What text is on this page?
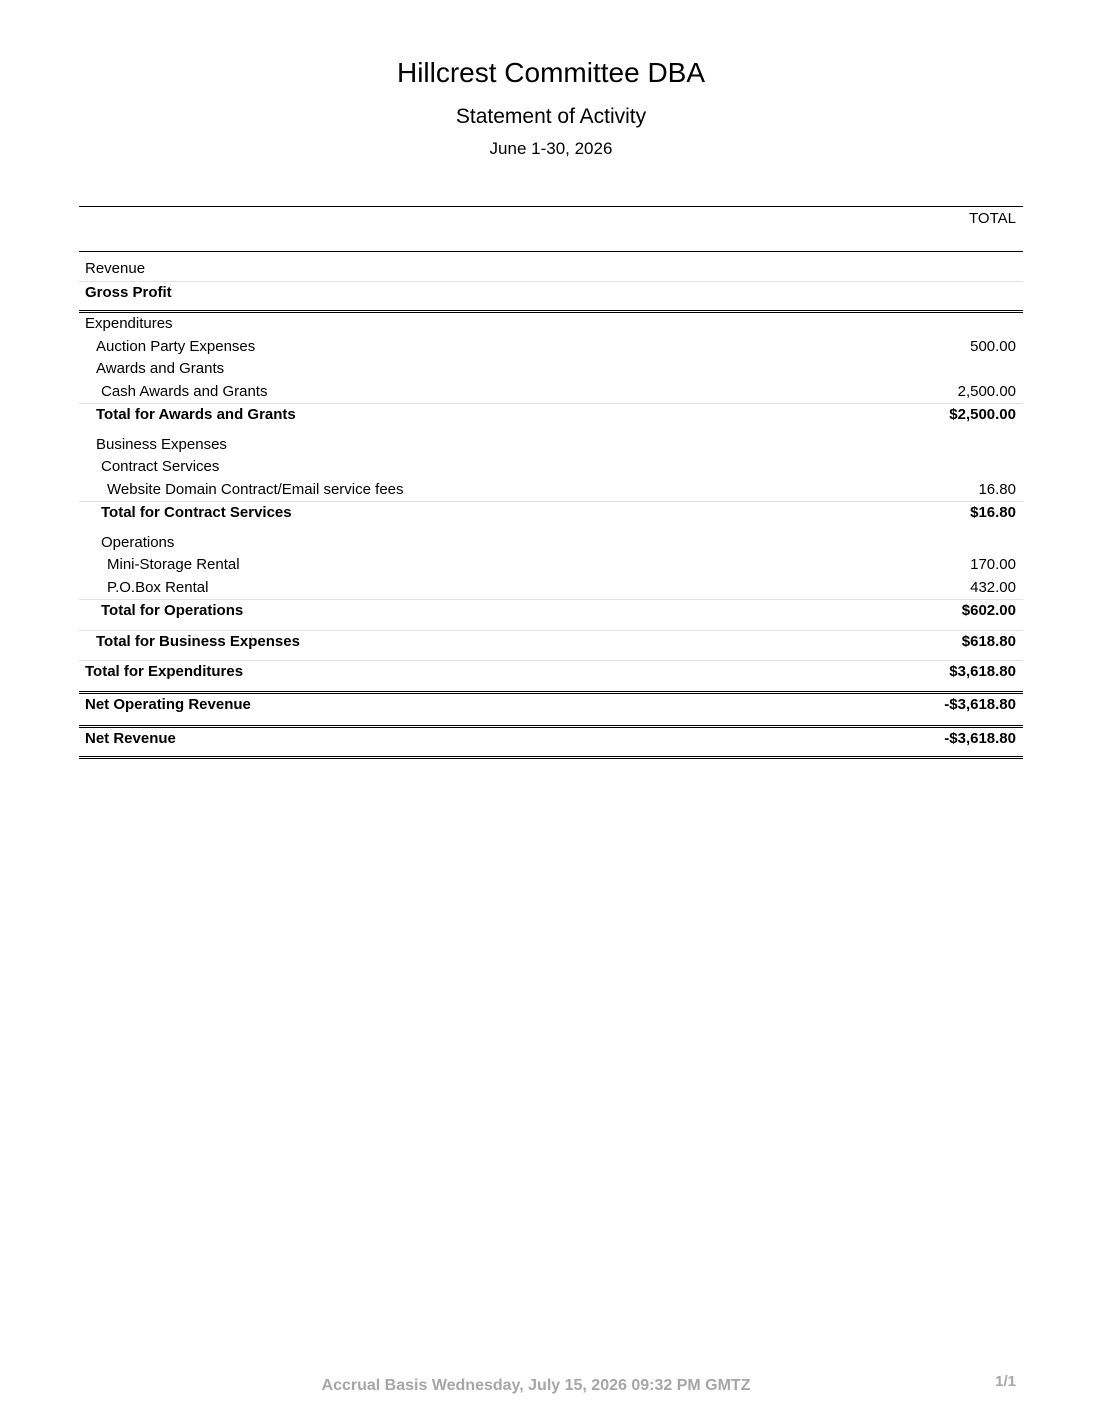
Hillcrest Committee DBA
Statement of Activity
June 1-30, 2026
TOTAL
Revenue
Gross Profit
Expenditures
Auction Party Expenses	500.00
Awards and Grants
Cash Awards and Grants	2,500.00
Total for Awards and Grants	$2,500.00
Business Expenses
Contract Services
Website Domain Contract/Email service fees	16.80
Total for Contract Services	$16.80
Operations
Mini-Storage Rental	170.00
P.O.Box Rental	432.00
Total for Operations	$602.00
Total for Business Expenses	$618.80
Total for Expenditures	$3,618.80
Net Operating Revenue	-$3,618.80
Net Revenue	-$3,618.80
Accrual Basis Wednesday, July 15, 2026 09:32 PM GMTZ	1/1
